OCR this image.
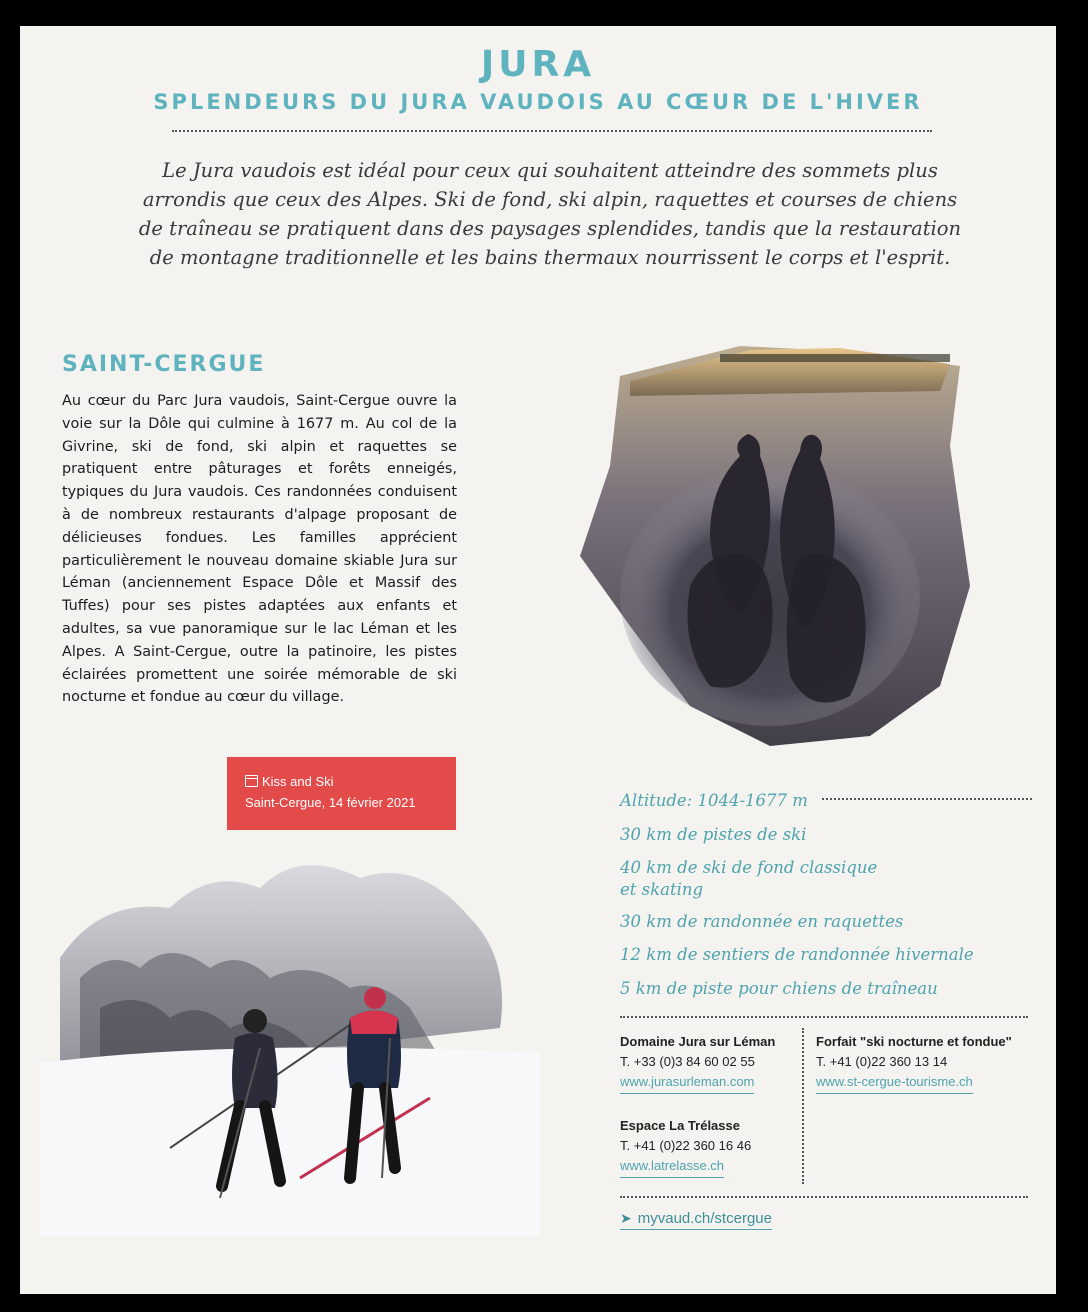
JURA
SPLENDEURS DU JURA VAUDOIS AU CŒUR DE L'HIVER
Le Jura vaudois est idéal pour ceux qui souhaitent atteindre des sommets plus arrondis que ceux des Alpes. Ski de fond, ski alpin, raquettes et courses de chiens de traîneau se pratiquent dans des paysages splendides, tandis que la restauration de montagne traditionnelle et les bains thermaux nourrissent le corps et l'esprit.
SAINT-CERGUE
Au cœur du Parc Jura vaudois, Saint-Cergue ouvre la voie sur la Dôle qui culmine à 1677 m. Au col de la Givrine, ski de fond, ski alpin et raquettes se pratiquent entre pâturages et forêts enneigés, typiques du Jura vaudois. Ces randonnées conduisent à de nombreux restaurants d'alpage proposant de délicieuses fondues. Les familles apprécient particulièrement le nouveau domaine skiable Jura sur Léman (anciennement Espace Dôle et Massif des Tuffes) pour ses pistes adaptées aux enfants et adultes, sa vue panoramique sur le lac Léman et les Alpes. A Saint-Cergue, outre la patinoire, les pistes éclairées promettent une soirée mémorable de ski nocturne et fondue au cœur du village.
Kiss and Ski
Saint-Cergue, 14 février 2021	Altitude: 1044-1677 m
30 km de pistes de ski
40 km de ski de fond classique
et skating
30 km de randonnée en raquettes
12 km de sentiers de randonnée hivernale
5 km de piste pour chiens de traîneau
Domaine Jura sur Léman
T. +33 (0)3 84 60 02 55
www.jurasurleman.com
Forfait "ski nocturne et fondue"
T. +41 (0)22 360 13 14
www.st-cergue-tourisme.ch
Espace La Trélasse
T. +41 (0)22 360 16 46
www.latrelasse.ch
➤ myvaud.ch/stcergue
